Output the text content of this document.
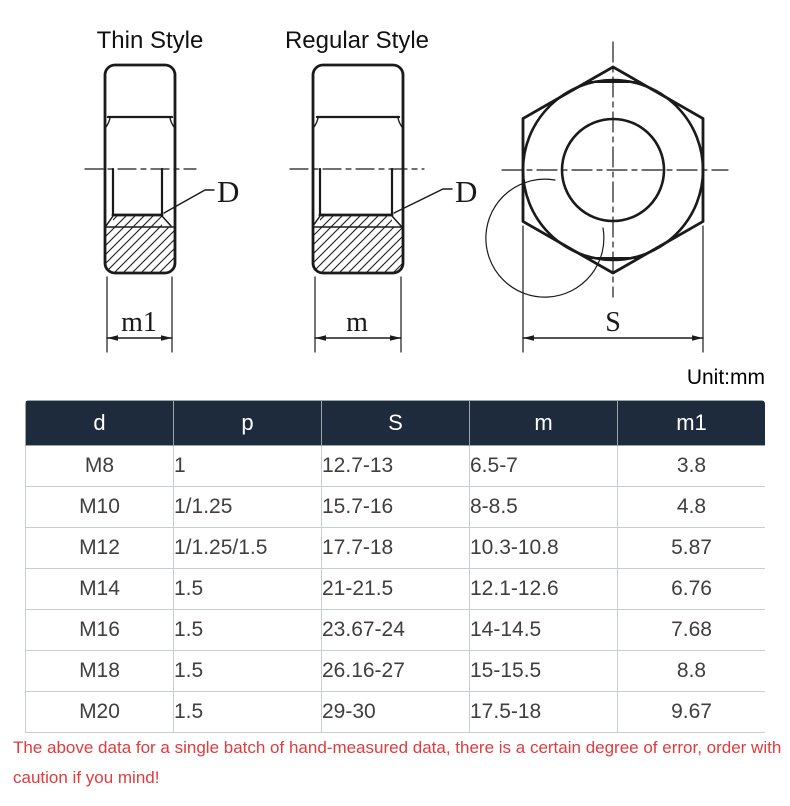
Thin Style
D
m1
Regular Style
D
m	S
Unit:mm
d	p	S	m	m1
M8	1	12.7-13	6.5-7	3.8
M10	1/1.25	15.7-16	8-8.5	4.8
M12	1/1.25/1.5	17.7-18	10.3-10.8	5.87
M14	1.5	21-21.5	12.1-12.6	6.76
M16	1.5	23.67-24	14-14.5	7.68
M18	1.5	26.16-27	15-15.5	8.8
M20	1.5	29-30	17.5-18	9.67
The above data for a single batch of hand-measured data, there is a certain degree of error, order with caution if you mind!
